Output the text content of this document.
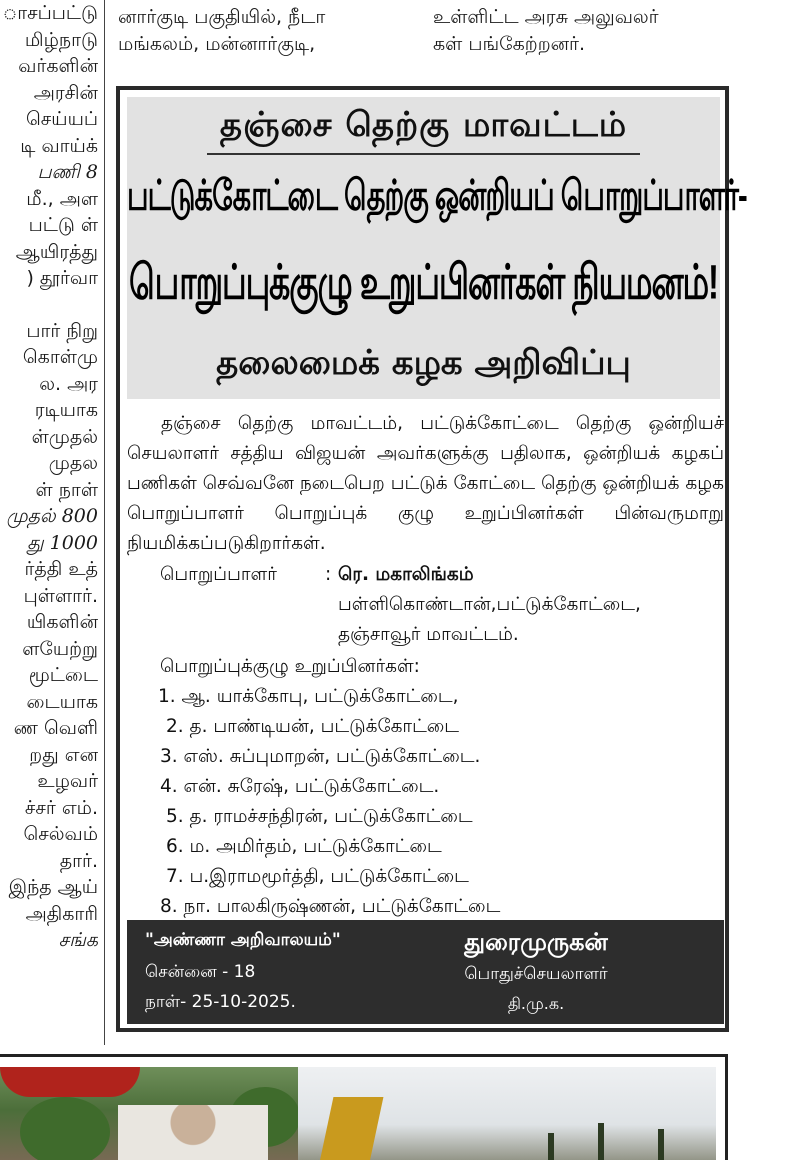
ாசப்பட்டு
மிழ்நாடு
வர்களின்
அரசின்
செய்யப்
டி வாய்க்
பணி 8
மீ., அள
பட்டு ள்
ஆயிரத்து
) தூர்வா
பார் நிறு
கொள்மு
ல. அர
ரடியாக
ள்முதல்
முதல
ள் நாள்
முதல் 800
து 1000
ர்த்தி உத்
புள்ளார்.
யிகளின்
ளயேற்று
மூட்டை
டையாக
ண வெளி
றது என
உழவர்
ச்சர் எம்.
செல்வம்
தார்.
இந்த ஆய்
அதிகாரி
சங்க
னார்குடி பகுதியில், நீடா
மங்கலம், மன்னார்குடி,
உள்ளிட்ட அரசு அலுவலர்
கள் பங்கேற்றனர்.
தஞ்சை தெற்கு மாவட்டம்
பட்டுக்கோட்டை தெற்கு ஒன்றியப் பொறுப்பாளர்-
பொறுப்புக்குழு உறுப்பினர்கள் நியமனம்!
தலைமைக் கழக அறிவிப்பு

தஞ்சை தெற்கு மாவட்டம், பட்டுக்கோட்டை தெற்கு ஒன்றியச் செயலாளர் சத்திய விஜயன் அவர்களுக்கு பதிலாக, ஒன்றியக் கழகப் பணிகள் செவ்வனே நடைபெற பட்டுக் கோட்டை தெற்கு ஒன்றியக் கழக பொறுப்பாளர் பொறுப்புக் குழு உறுப்பினர்கள் பின்வருமாறு நியமிக்கப்படுகிறார்கள்.

பொறுப்பாளர்	: ரெ. மகாலிங்கம்
பள்ளிகொண்டான்,பட்டுக்கோட்டை,
தஞ்சாவூர் மாவட்டம்.
பொறுப்புக்குழு உறுப்பினர்கள்:
1. ஆ. யாக்கோபு, பட்டுக்கோட்டை,
2. த. பாண்டியன், பட்டுக்கோட்டை
3. எஸ். சுப்புமாறன், பட்டுக்கோட்டை.
4. என். சுரேஷ், பட்டுக்கோட்டை.
5. த. ராமச்சந்திரன், பட்டுக்கோட்டை
6. ம. அமிர்தம், பட்டுக்கோட்டை
7. ப.இராமமூர்த்தி, பட்டுக்கோட்டை
8. நா. பாலகிருஷ்ணன், பட்டுக்கோட்டை
"அண்ணா அறிவாலயம்"
சென்னை - 18
நாள்- 25-10-2025.
துரைமுருகன்
பொதுச்செயலாளர்
தி.மு.க.
